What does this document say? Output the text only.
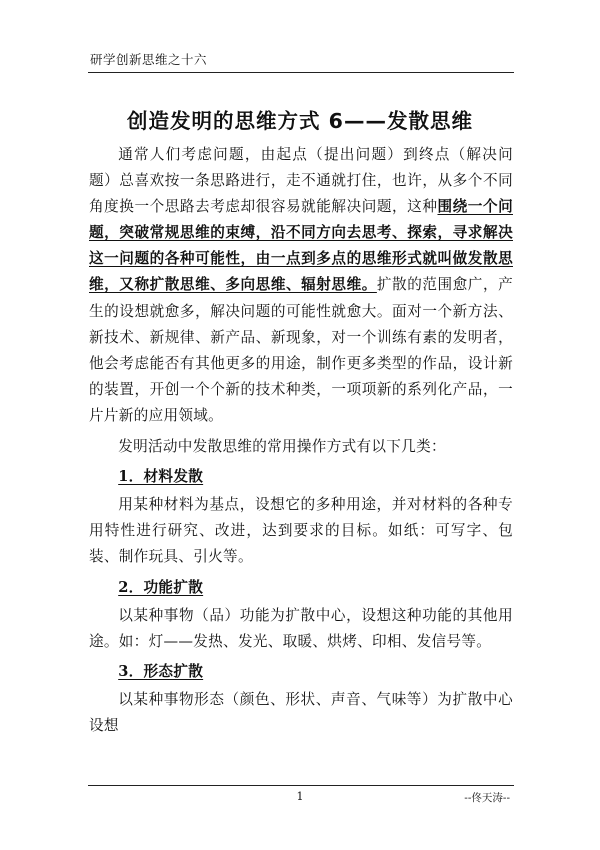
研学创新思维之十六
创造发明的思维方式 6——发散思维

通常人们考虑问题，由起点（提出问题）到终点（解决问题）总喜欢按一条思路进行，走不通就打住，也许，从多个不同角度换一个思路去考虑却很容易就能解决问题，这种围绕一个问题，突破常规思维的束缚，沿不同方向去思考、探索，寻求解决这一问题的各种可能性，由一点到多点的思维形式就叫做发散思维，又称扩散思维、多向思维、辐射思维。扩散的范围愈广，产生的设想就愈多，解决问题的可能性就愈大。面对一个新方法、新技术、新规律、新产品、新现象，对一个训练有素的发明者，他会考虑能否有其他更多的用途，制作更多类型的作品，设计新的装置，开创一个个新的技术种类，一项项新的系列化产品，一片片新的应用领域。

发明活动中发散思维的常用操作方式有以下几类：

1．材料发散

用某种材料为基点，设想它的多种用途，并对材料的各种专用特性进行研究、改进，达到要求的目标。如纸：可写字、包装、制作玩具、引火等。

2．功能扩散

以某种事物（品）功能为扩散中心，设想这种功能的其他用途。如：灯——发热、发光、取暖、烘烤、印相、发信号等。

3．形态扩散

以某种事物形态（颜色、形状、声音、气味等）为扩散中心设想

1	--佟天涛--
